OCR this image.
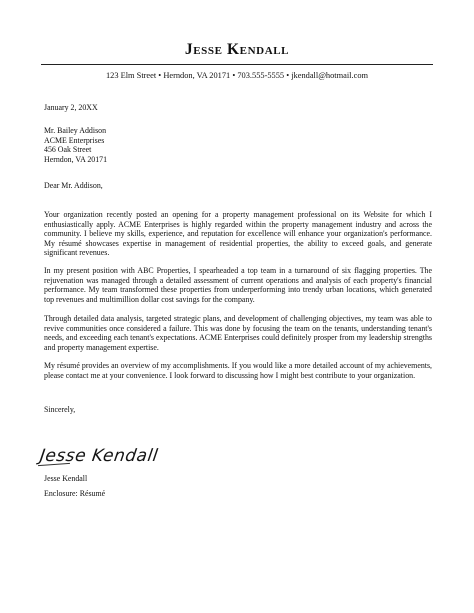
Jesse Kendall
123 Elm Street • Herndon, VA 20171 • 703.555-5555 • jkendall@hotmail.com
January 2, 20XX
Mr. Bailey Addison
ACME Enterprises
456 Oak Street
Herndon, VA 20171
Dear Mr. Addison,
Your organization recently posted an opening for a property management professional on its Website for which I enthusiastically apply. ACME Enterprises is highly regarded within the property management industry and across the community. I believe my skills, experience, and reputation for excellence will enhance your organization's performance. My résumé showcases expertise in management of residential properties, the ability to exceed goals, and generate significant revenues.
In my present position with ABC Properties, I spearheaded a top team in a turnaround of six flagging properties. The rejuvenation was managed through a detailed assessment of current operations and analysis of each property's financial performance. My team transformed these properties from underperforming into trendy urban locations, which generated top revenues and multimillion dollar cost savings for the company.
Through detailed data analysis, targeted strategic plans, and development of challenging objectives, my team was able to revive communities once considered a failure. This was done by focusing the team on the tenants, understanding tenant's needs, and exceeding each tenant's expectations. ACME Enterprises could definitely prosper from my leadership strengths and property management expertise.
My résumé provides an overview of my accomplishments. If you would like a more detailed account of my achievements, please contact me at your convenience. I look forward to discussing how I might best contribute to your organization.
Sincerely,
Jesse Kendall
Jesse Kendall
Enclosure: Résumé
